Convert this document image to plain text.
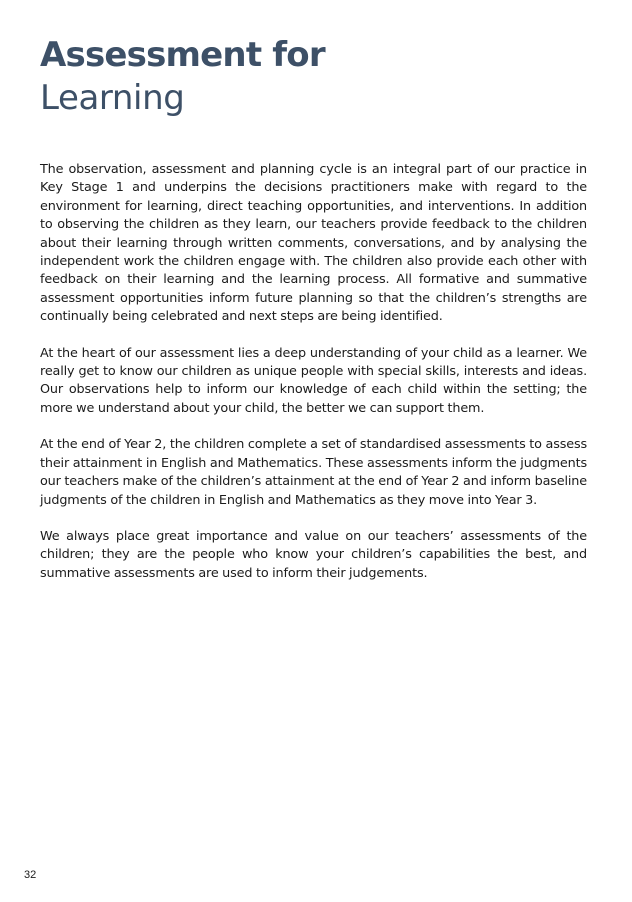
Assessment for
Learning

The observation, assessment and planning cycle is an integral part of our practice in Key Stage 1 and underpins the decisions practitioners make with regard to the environment for learning, direct teaching opportunities, and interventions. In addition to observing the children as they learn, our teachers provide feedback to the children about their learning through written comments, conversations, and by analysing the independent work the children engage with. The children also provide each other with feedback on their learning and the learning process. All formative and summative assessment opportunities inform future planning so that the children’s strengths are continually being celebrated and next steps are being identified.

At the heart of our assessment lies a deep understanding of your child as a learner. We really get to know our children as unique people with special skills, interests and ideas. Our observations help to inform our knowledge of each child within the setting; the more we understand about your child, the better we can support them.

At the end of Year 2, the children complete a set of standardised assessments to assess their attainment in English and Mathematics. These assessments inform the judgments our teachers make of the children’s attainment at the end of Year 2 and inform baseline judgments of the children in English and Mathematics as they move into Year 3.

We always place great importance and value on our teachers’ assessments of the children; they are the people who know your children’s capabilities the best, and summative assessments are used to inform their judgements.

32
